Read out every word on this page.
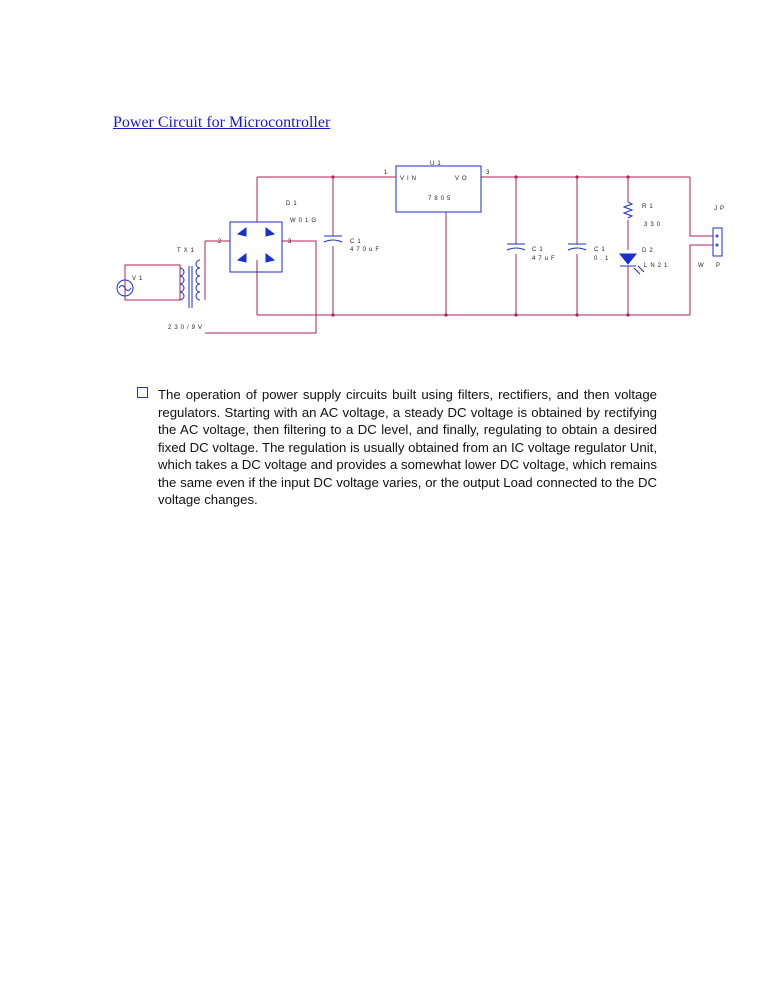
Power Circuit for Microcontroller
U1
VIN	VO
7805
1	3
D1
W01G
TX1
2	3
V1
C1
470uF	C1
47uF
C1
0.1
R1
330
D2
LN21
JP
W P
230/9V
The operation of power supply circuits built using filters, rectifiers, and then voltage regulators. Starting with an AC voltage, a steady DC voltage is obtained by rectifying the AC voltage, then filtering to a DC level, and finally, regulating to obtain a desired fixed DC voltage. The regulation is usually obtained from an IC voltage regulator Unit, which takes a DC voltage and provides a somewhat lower DC voltage, which remains the same even if the input DC voltage varies, or the output Load connected to the DC voltage changes.
